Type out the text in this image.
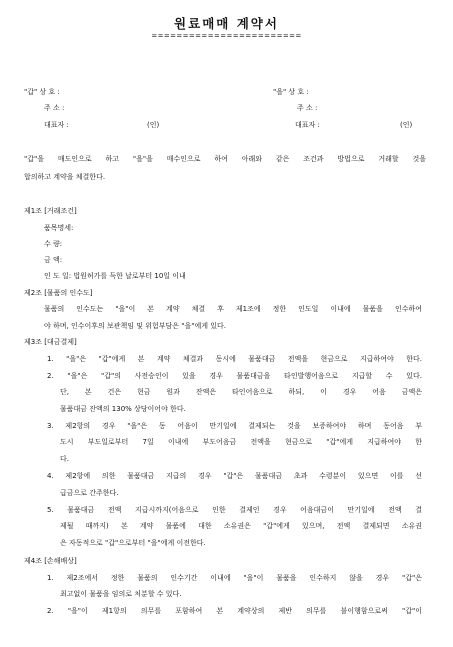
원료매매 계약서
========================
"갑" 상 호 :	"을" 상 호 :
주 소 :	주 소 :
대표자 :	(인)	대표자 :	(인)
"갑"을 매도인으로 하고 "을"을 매수인으로 하여 아래와 같은 조건과 방법으로 거래할 것을
합의하고 계약을 체결한다.
제1조 [거래조건]
품목명세:
수 량:
금 액:
인 도 일: 법원허가를 득한 날로부터 10일 이내
제2조 [물품의 인수도]
물품의 인수도는 "을"이 본 계약 체결 후 제1조에 정한 인도일 이내에 물품을 인수하여
야 하며, 인수이후의 보관책임 및 위험부담은 "을"에게 있다.
제3조 [대금결제]
1. "을"은 "갑"에게 본 계약 체결과 동시에 물품대금 전액을 현금으로 지급하여야 한다.
2. "을"은 "갑"의 사전승인이 있을 경우 물품대금을 타인발행어음으로 지급할 수 있다.
단, 본 건은 현금 원과 잔액은 타인어음으로 하되, 이 경우 어음 금액은
물품대금 잔액의 130% 상당이어야 한다.
3. 제2항의 경우 "을"은 동 어음이 만기일에 결제되는 것을 보증하여야 하며 동어음 부
도시 부도일로부터 7일 이내에 부도어음금 전액을 현금으로 "갑"에게 지급하여야 한
다.
4. 제2항에 의한 물품대금 지급의 경우 "갑"은 물품대금 초과 수령분이 있으면 이를 선
급금으로 간주한다.
5. 물품대금 전액 지급시까지(어음으로 인한 결제인 경우 어음대금이 만기일에 전액 결
제될 때까지) 본 계약 물품에 대한 소유권은 "갑"에게 있으며, 전액 결제되면 소유권
은 자동적으로 "갑"으로부터 "을"에게 이전한다.
제4조 [손해배상]
1. 제2조에서 정한 물품의 인수기간 이내에 "을"이 물품을 인수하지 않을 경우 "갑"은
최고없이 물품을 임의로 처분할 수 있다.
2. "을"이 제1항의 의무를 포함하여 본 계약상의 제반 의무를 불이행함으로써 "갑"이
